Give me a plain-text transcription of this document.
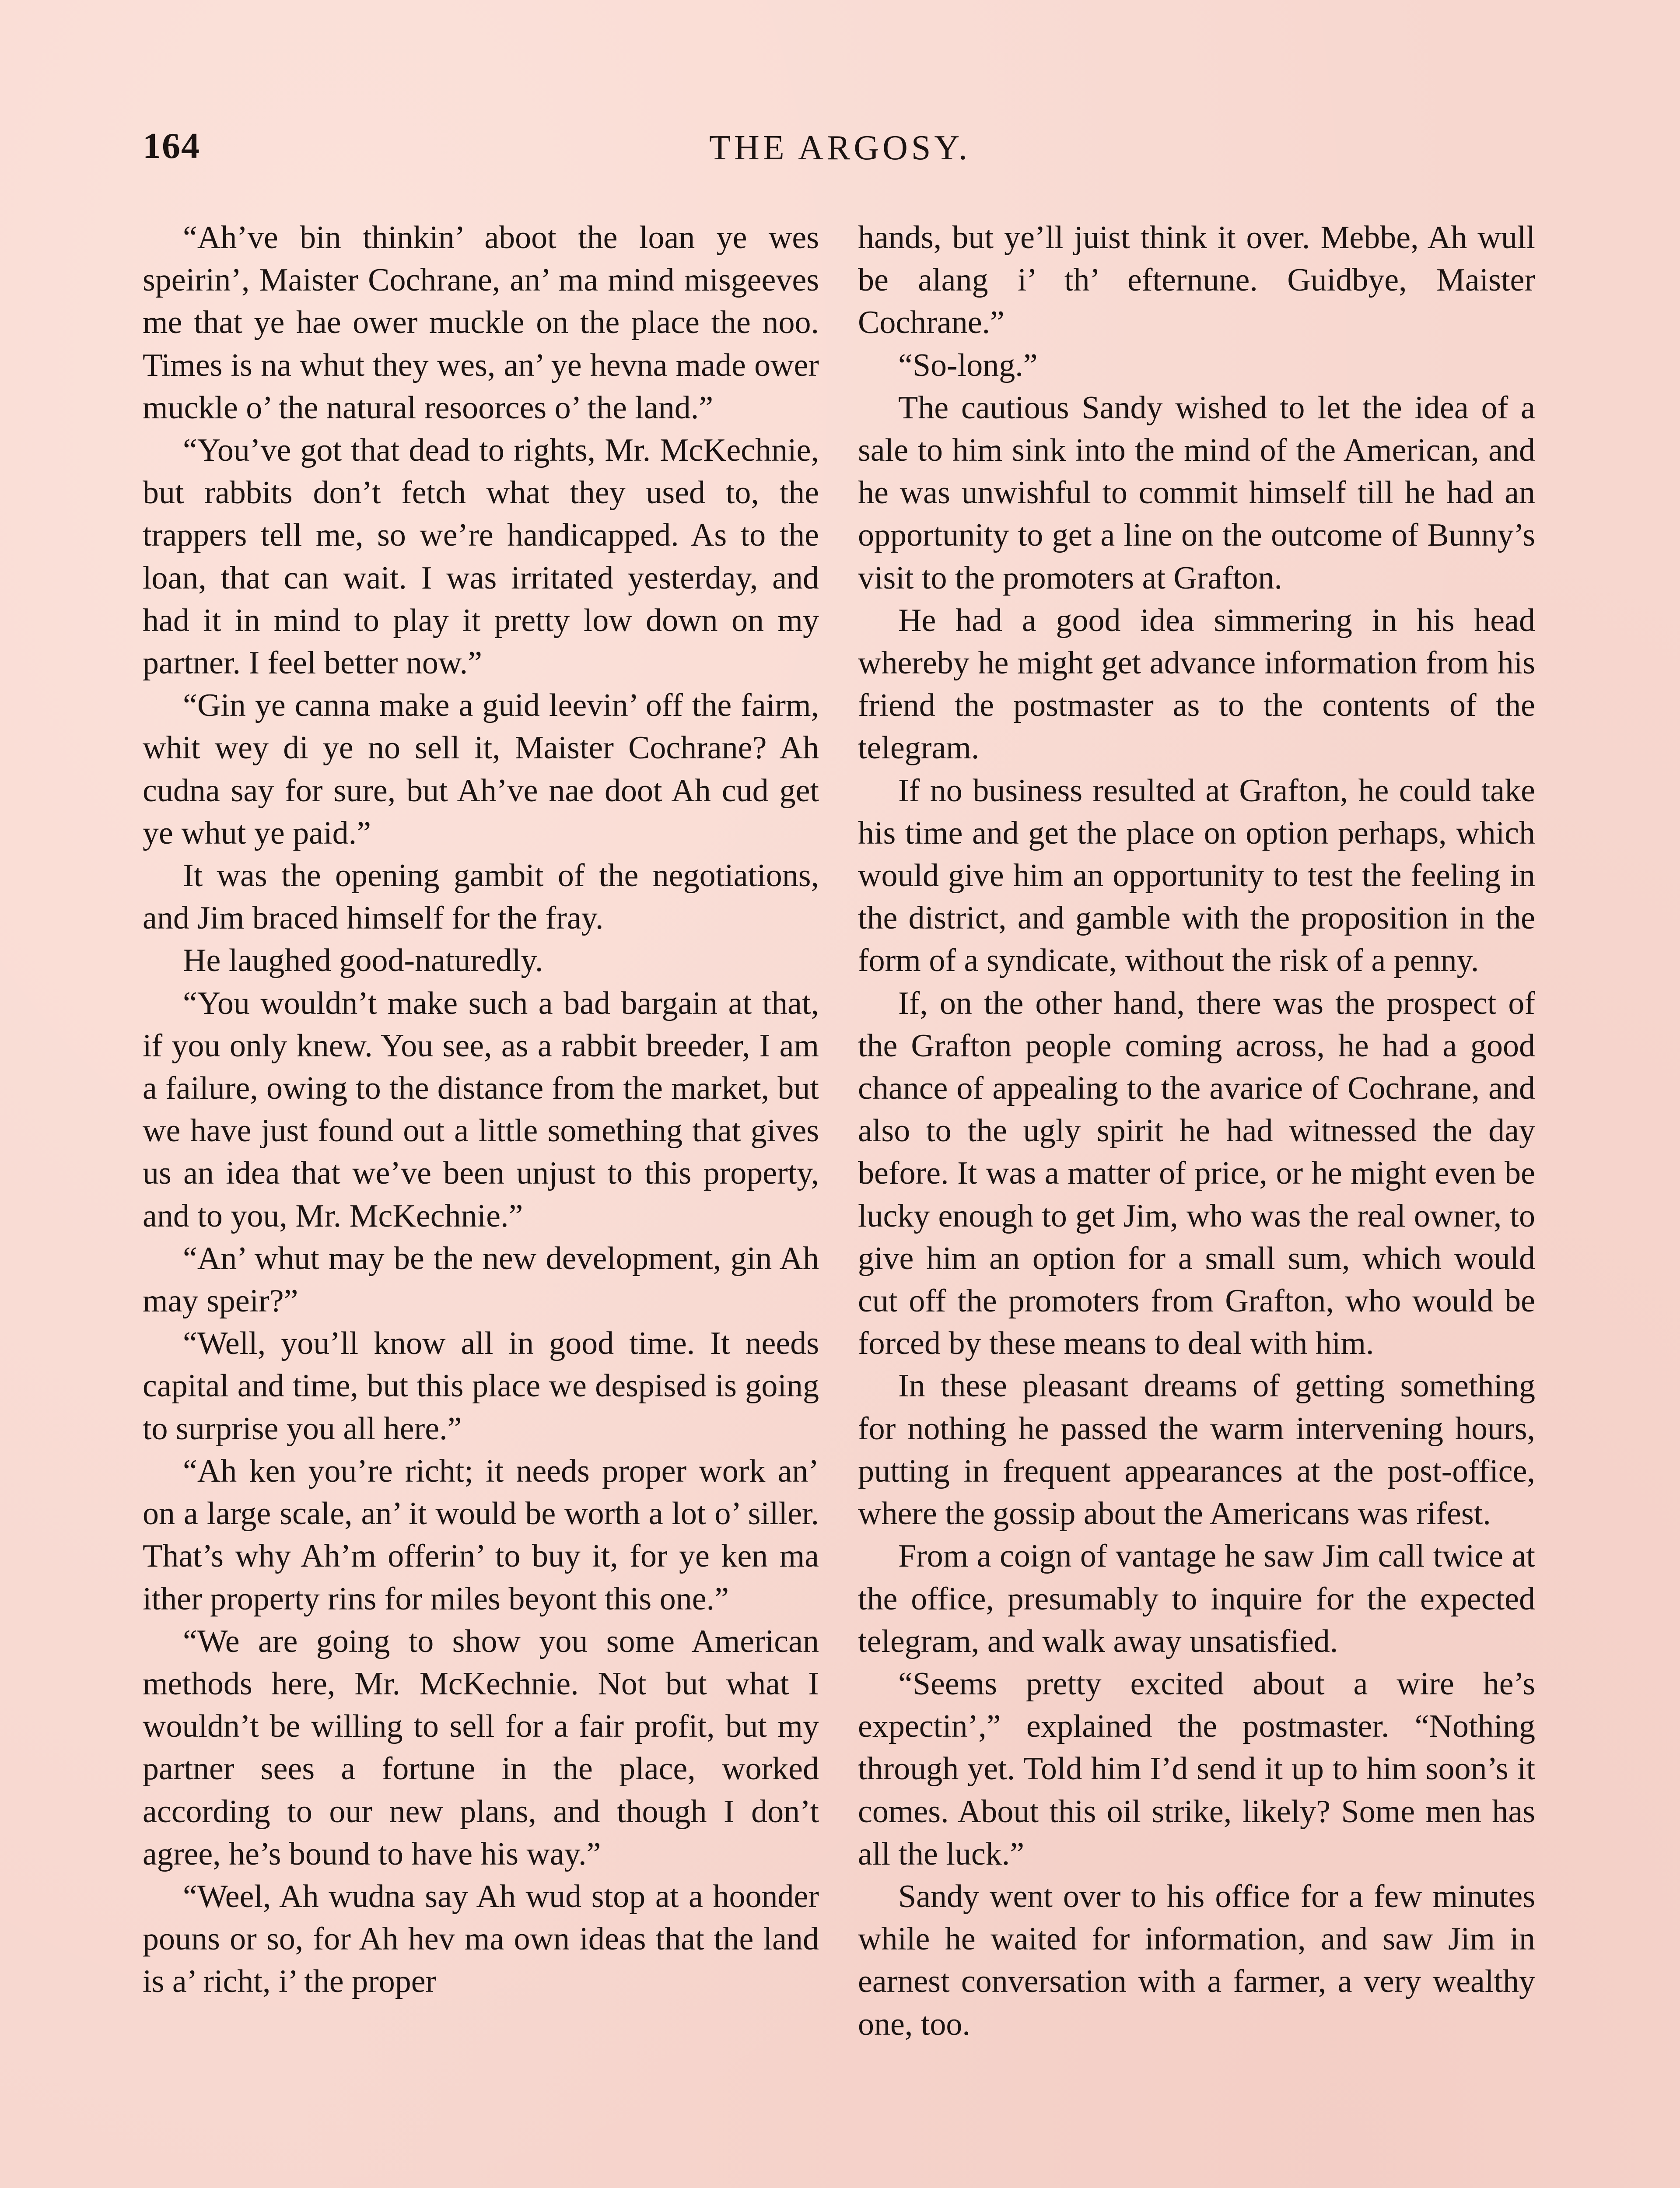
164	THE ARGOSY.

“Ah’ve bin thinkin’ aboot the loan ye wes speirin’, Maister Cochrane, an’ ma mind misgeeves me that ye hae ower muckle on the place the noo. Times is na whut they wes, an’ ye hevna made ower muckle o’ the natural resoorces o’ the land.”

“You’ve got that dead to rights, Mr. McKechnie, but rabbits don’t fetch what they used to, the trappers tell me, so we’re handicapped. As to the loan, that can wait. I was irritated yesterday, and had it in mind to play it pretty low down on my partner. I feel better now.”

“Gin ye canna make a guid leevin’ off the fairm, whit wey di ye no sell it, Maister Cochrane? Ah cudna say for sure, but Ah’ve nae doot Ah cud get ye whut ye paid.”

It was the opening gambit of the negotiations, and Jim braced himself for the fray.

He laughed good-naturedly.

“You wouldn’t make such a bad bargain at that, if you only knew. You see, as a rabbit breeder, I am a failure, owing to the distance from the market, but we have just found out a little something that gives us an idea that we’ve been unjust to this property, and to you, Mr. McKechnie.”

“An’ whut may be the new development, gin Ah may speir?”

“Well, you’ll know all in good time. It needs capital and time, but this place we despised is going to surprise you all here.”

“Ah ken you’re richt; it needs proper work an’ on a large scale, an’ it would be worth a lot o’ siller. That’s why Ah’m offerin’ to buy it, for ye ken ma ither property rins for miles beyont this one.”

“We are going to show you some American methods here, Mr. McKechnie. Not but what I wouldn’t be willing to sell for a fair profit, but my partner sees a fortune in the place, worked according to our new plans, and though I don’t agree, he’s bound to have his way.”

“Weel, Ah wudna say Ah wud stop at a hoonder pouns or so, for Ah hev ma own ideas that the land is a’ richt, i’ the proper

hands, but ye’ll juist think it over. Mebbe, Ah wull be alang i’ th’ efternune. Guidbye, Maister Cochrane.”

“So-long.”

The cautious Sandy wished to let the idea of a sale to him sink into the mind of the American, and he was unwishful to commit himself till he had an opportunity to get a line on the outcome of Bunny’s visit to the promoters at Grafton.

He had a good idea simmering in his head whereby he might get advance information from his friend the postmaster as to the contents of the telegram.

If no business resulted at Grafton, he could take his time and get the place on option perhaps, which would give him an opportunity to test the feeling in the district, and gamble with the proposition in the form of a syndicate, without the risk of a penny.

If, on the other hand, there was the prospect of the Grafton people coming across, he had a good chance of appealing to the avarice of Cochrane, and also to the ugly spirit he had witnessed the day before. It was a matter of price, or he might even be lucky enough to get Jim, who was the real owner, to give him an option for a small sum, which would cut off the promoters from Grafton, who would be forced by these means to deal with him.

In these pleasant dreams of getting something for nothing he passed the warm intervening hours, putting in frequent appearances at the post-office, where the gossip about the Americans was rifest.

From a coign of vantage he saw Jim call twice at the office, presumably to inquire for the expected telegram, and walk away unsatisfied.

“Seems pretty excited about a wire he’s expectin’,” explained the postmaster. “Nothing through yet. Told him I’d send it up to him soon’s it comes. About this oil strike, likely? Some men has all the luck.”

Sandy went over to his office for a few minutes while he waited for information, and saw Jim in earnest conversation with a farmer, a very wealthy one, too.
